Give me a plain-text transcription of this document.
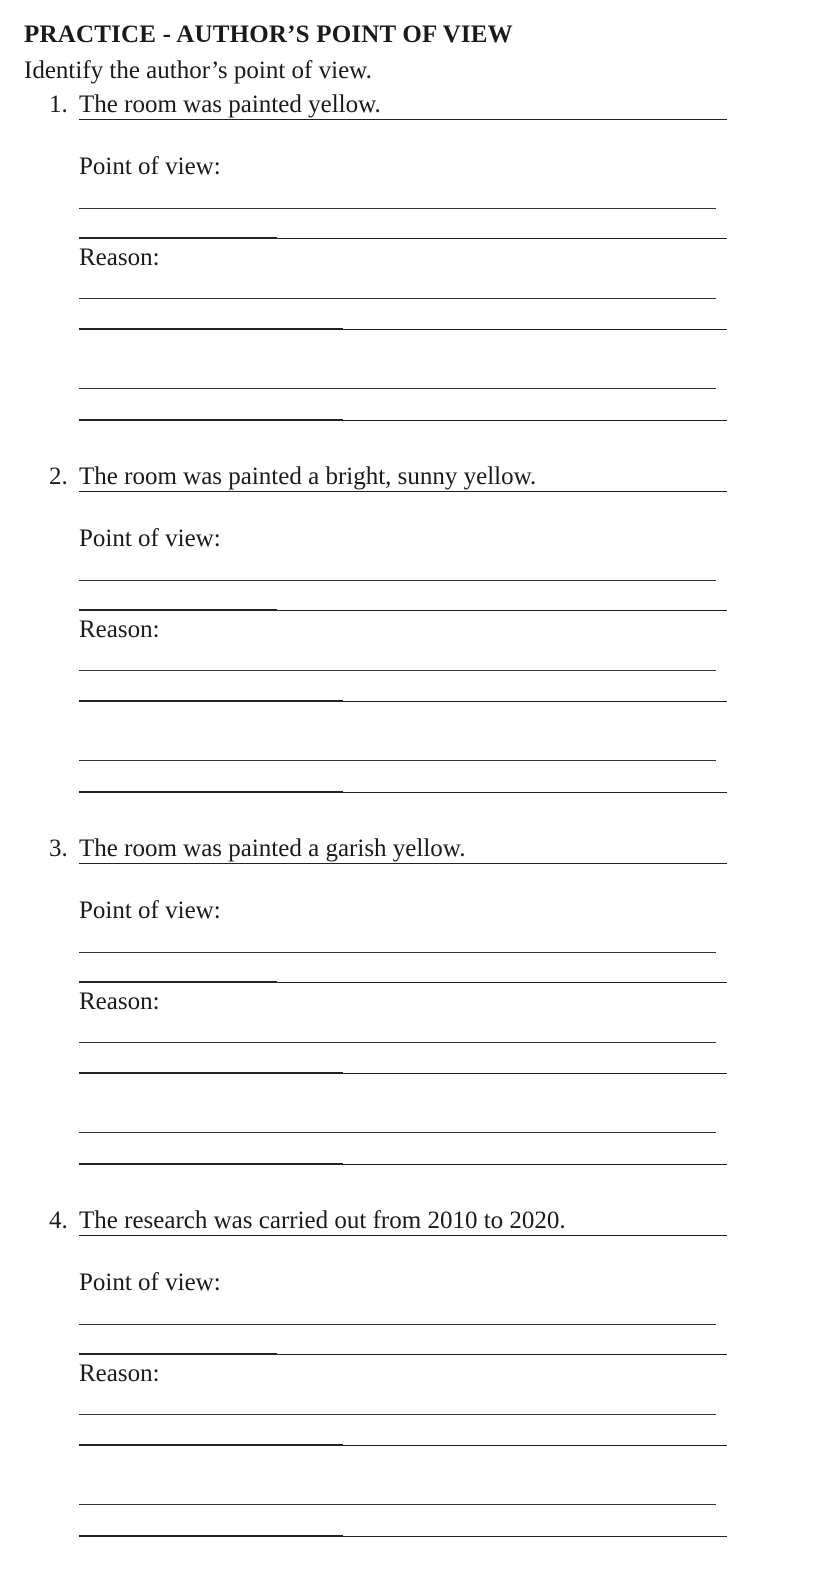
PRACTICE - AUTHOR’S POINT OF VIEW
Identify the author’s point of view.
1. The room was painted yellow.
Point of view:
Reason:
2. The room was painted a bright, sunny yellow.
Point of view:
Reason:
3. The room was painted a garish yellow.
Point of view:
Reason:
4. The research was carried out from 2010 to 2020.
Point of view:
Reason:
